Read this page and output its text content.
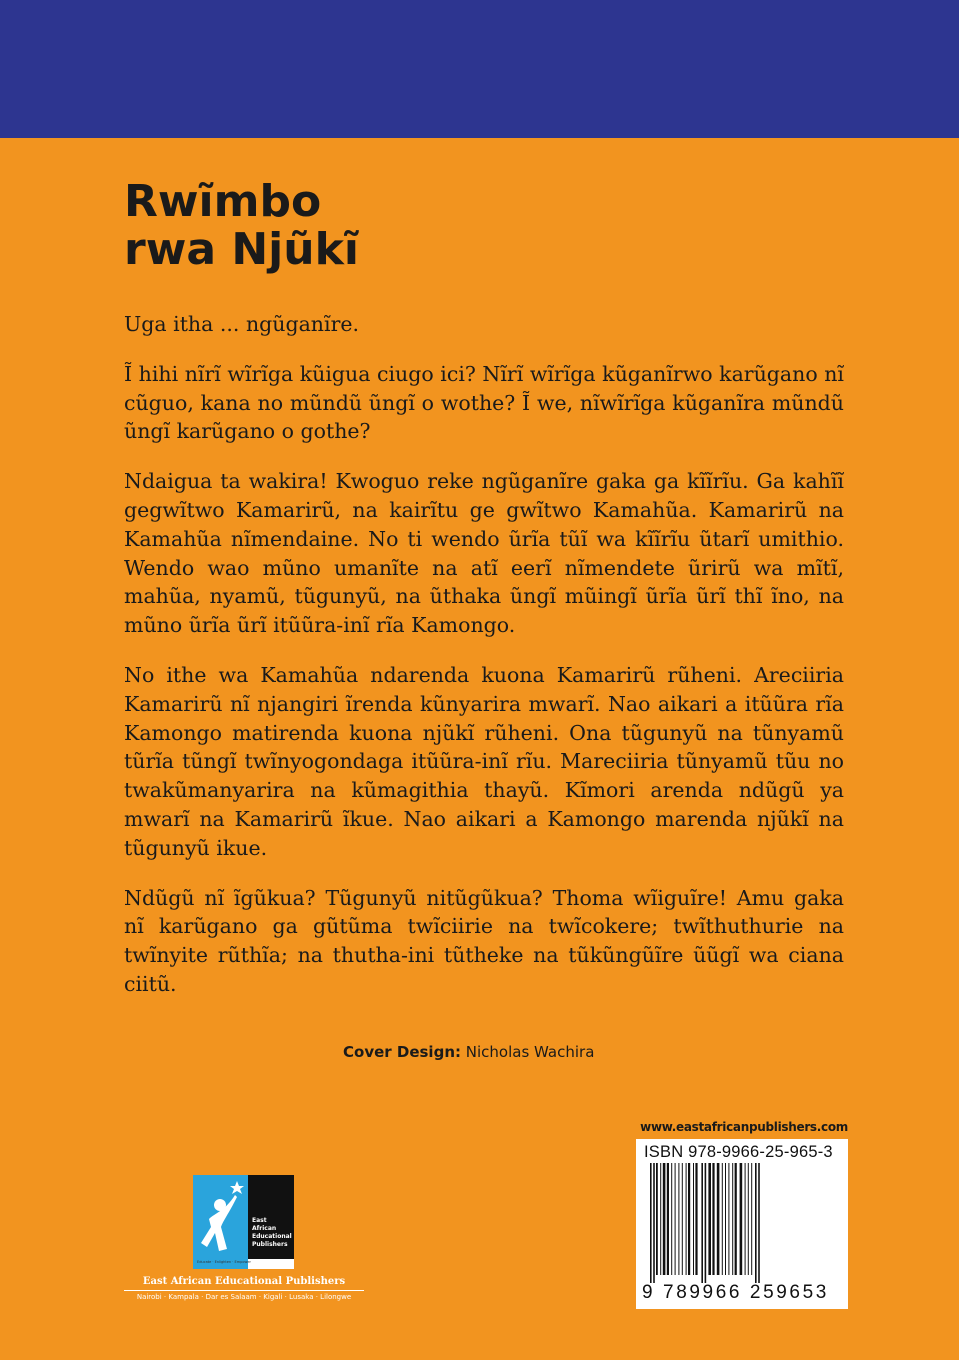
Rwĩmbo
rwa Njũkĩ

Uga itha ... ngũganĩre.

Ĩ hihi nĩrĩ wĩrĩga kũigua ciugo ici? Nĩrĩ wĩrĩga kũganĩrwo karũgano nĩ cũguo, kana no mũndũ ũngĩ o wothe? Ĩ we, nĩwĩrĩga kũganĩra mũndũ ũngĩ karũgano o gothe?

Ndaigua ta wakira! Kwoguo reke ngũganĩre gaka ga kĩĩrĩu. Ga kahĩĩ gegwĩtwo Kamarirũ, na kairĩtu ge gwĩtwo Kamahũa. Kamarirũ na Kamahũa nĩmendaine. No ti wendo ũrĩa tũĩ wa kĩĩrĩu ũtarĩ umithio. Wendo wao mũno umanĩte na atĩ eerĩ nĩmendete ũrirũ wa mĩtĩ, mahũa, nyamũ, tũgunyũ, na ũthaka ũngĩ mũingĩ ũrĩa ũrĩ thĩ ĩno, na mũno ũrĩa ũrĩ itũũra-inĩ rĩa Kamongo.

No ithe wa Kamahũa ndarenda kuona Kamarirũ rũheni. Areciiria Kamarirũ nĩ njangiri ĩrenda kũnyarira mwarĩ. Nao aikari a itũũra rĩa Kamongo matirenda kuona njũkĩ rũheni. Ona tũgunyũ na tũnyamũ tũrĩa tũngĩ twĩnyogondaga itũũra-inĩ rĩu. Mareciiria tũnyamũ tũu no twakũmanyarira na kũmagithia thayũ. Kĩmori arenda ndũgũ ya mwarĩ na Kamarirũ ĩkue. Nao aikari a Kamongo marenda njũkĩ na tũgunyũ ikue.

Ndũgũ nĩ ĩgũkua? Tũgunyũ nitũgũkua? Thoma wĩiguĩre! Amu gaka nĩ karũgano ga gũtũma twĩciirie na twĩcokere; twĩthuthurie na twĩnyite rũthĩa; na thutha-ini tũtheke na tũkũngũĩre ũũgĩ wa ciana ciitũ.

Cover Design: Nicholas Wachira
www.eastafricanpublishers.com
ISBN 978-9966-25-965-3
9 789966 259653
East African Educational Publishers
Educate · Enlighten · Empower
East African Educational Publishers
Nairobi · Kampala · Dar es Salaam · Kigali · Lusaka · Lilongwe
